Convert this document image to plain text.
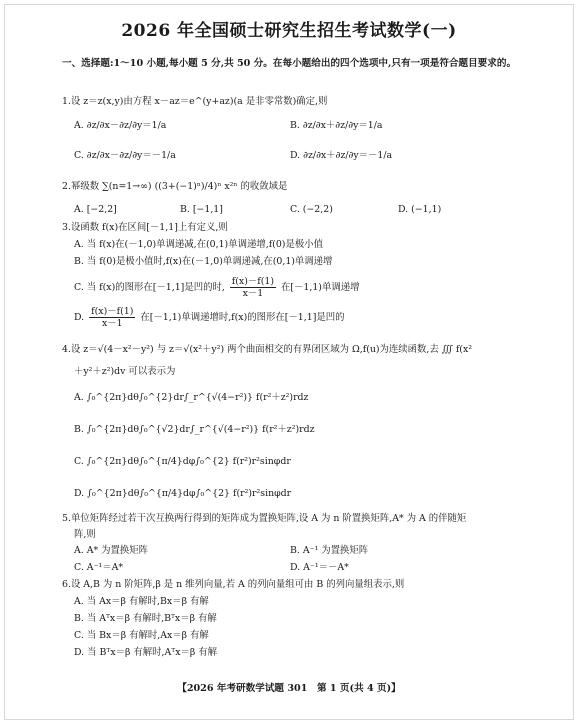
2026 年全国硕士研究生招生考试数学(一)
一、选择题:1～10 小题,每小题 5 分,共 50 分。在每小题给出的四个选项中,只有一项是符合题目要求的。
1.设 z＝z(x,y)由方程 x－az＝e^(y+az)(a 是非零常数)确定,则
A. ∂z/∂x－∂z/∂y＝1/a	B. ∂z/∂x＋∂z/∂y＝1/a
C. ∂z/∂x－∂z/∂y＝－1/a	D. ∂z/∂x＋∂z/∂y＝－1/a
2.幂级数 ∑(n=1→∞) ((3+(−1)ⁿ)/4)ⁿ x²ⁿ 的收敛域是
A. [−2,2]	B. [−1,1]	C. (−2,2)	D. (−1,1)
3.设函数 f(x)在区间[－1,1]上有定义,则
A. 当 f(x)在(－1,0)单调递减,在(0,1)单调递增,f(0)是极小值
B. 当 f(0)是极小值时,f(x)在(－1,0)单调递减,在(0,1)单调递增
C. 当 f(x)的图形在[－1,1]是凹的时, $\frac{f(x)-f(1)}{x-1}$ 在[－1,1)单调递增
D. $\frac{f(x)-f(1)}{x-1}$ 在[－1,1)单调递增时,f(x)的图形在[－1,1]是凹的
4.设 z＝√(4－x²－y²) 与 z＝√(x²＋y²) 两个曲面相交的有界闭区域为 Ω,f(u)为连续函数,去 ∭ f(x²
＋y²＋z²)dv 可以表示为
A. ∫₀^{2π}dθ∫₀^{2}dr∫_r^{√(4−r²)} f(r²＋z²)rdz
B. ∫₀^{2π}dθ∫₀^{√2}dr∫_r^{√(4−r²)} f(r²＋z²)rdz
C. ∫₀^{2π}dθ∫₀^{π/4}dφ∫₀^{2} f(r²)r²sinφdr
D. ∫₀^{2π}dθ∫₀^{π/4}dφ∫₀^{2} f(r²)r²sinφdr
5.单位矩阵经过若干次互换两行得到的矩阵成为置换矩阵,设 A 为 n 阶置换矩阵,A* 为 A 的伴随矩
阵,则
A. A* 为置换矩阵	B. A⁻¹ 为置换矩阵
C. A⁻¹＝A*	D. A⁻¹＝－A*
6.设 A,B 为 n 阶矩阵,β 是 n 维列向量,若 A 的列向量组可由 B 的列向量组表示,则
A. 当 Ax＝β 有解时,Bx＝β 有解
B. 当 Aᵀx＝β 有解时,Bᵀx＝β 有解
C. 当 Bx＝β 有解时,Ax＝β 有解
D. 当 Bᵀx＝β 有解时,Aᵀx＝β 有解
【2026 年考研数学试题 301　第 1 页(共 4 页)】
